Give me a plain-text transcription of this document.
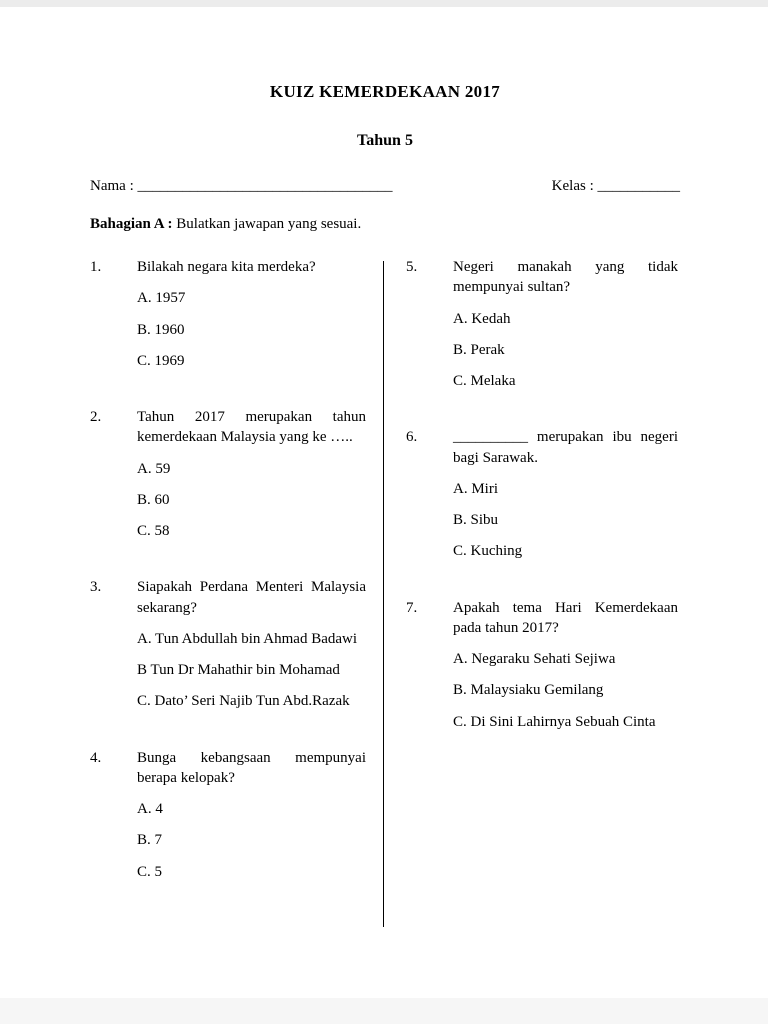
KUIZ KEMERDEKAAN 2017
Tahun 5
Nama : __________________________________	Kelas : ___________
Bahagian A : Bulatkan jawapan yang sesuai.
1.	Bilakah negara kita merdeka?
A. 1957
B. 1960
C. 1969
2.	Tahun 2017 merupakan tahun kemerdekaan Malaysia yang ke …..
A. 59
B. 60
C. 58
3.	Siapakah Perdana Menteri Malaysia sekarang?
A. Tun Abdullah bin Ahmad Badawi
B Tun Dr Mahathir bin Mohamad
C. Dato’ Seri Najib Tun Abd.Razak
4.	Bunga kebangsaan mempunyai berapa kelopak?
A. 4
B. 7
C. 5
5.	Negeri manakah yang tidak mempunyai sultan?
A. Kedah
B. Perak
C. Melaka
6.	__________ merupakan ibu negeri bagi Sarawak.
A. Miri
B. Sibu
C. Kuching
7.	Apakah tema Hari Kemerdekaan pada tahun 2017?
A. Negaraku Sehati Sejiwa
B. Malaysiaku Gemilang
C. Di Sini Lahirnya Sebuah Cinta
